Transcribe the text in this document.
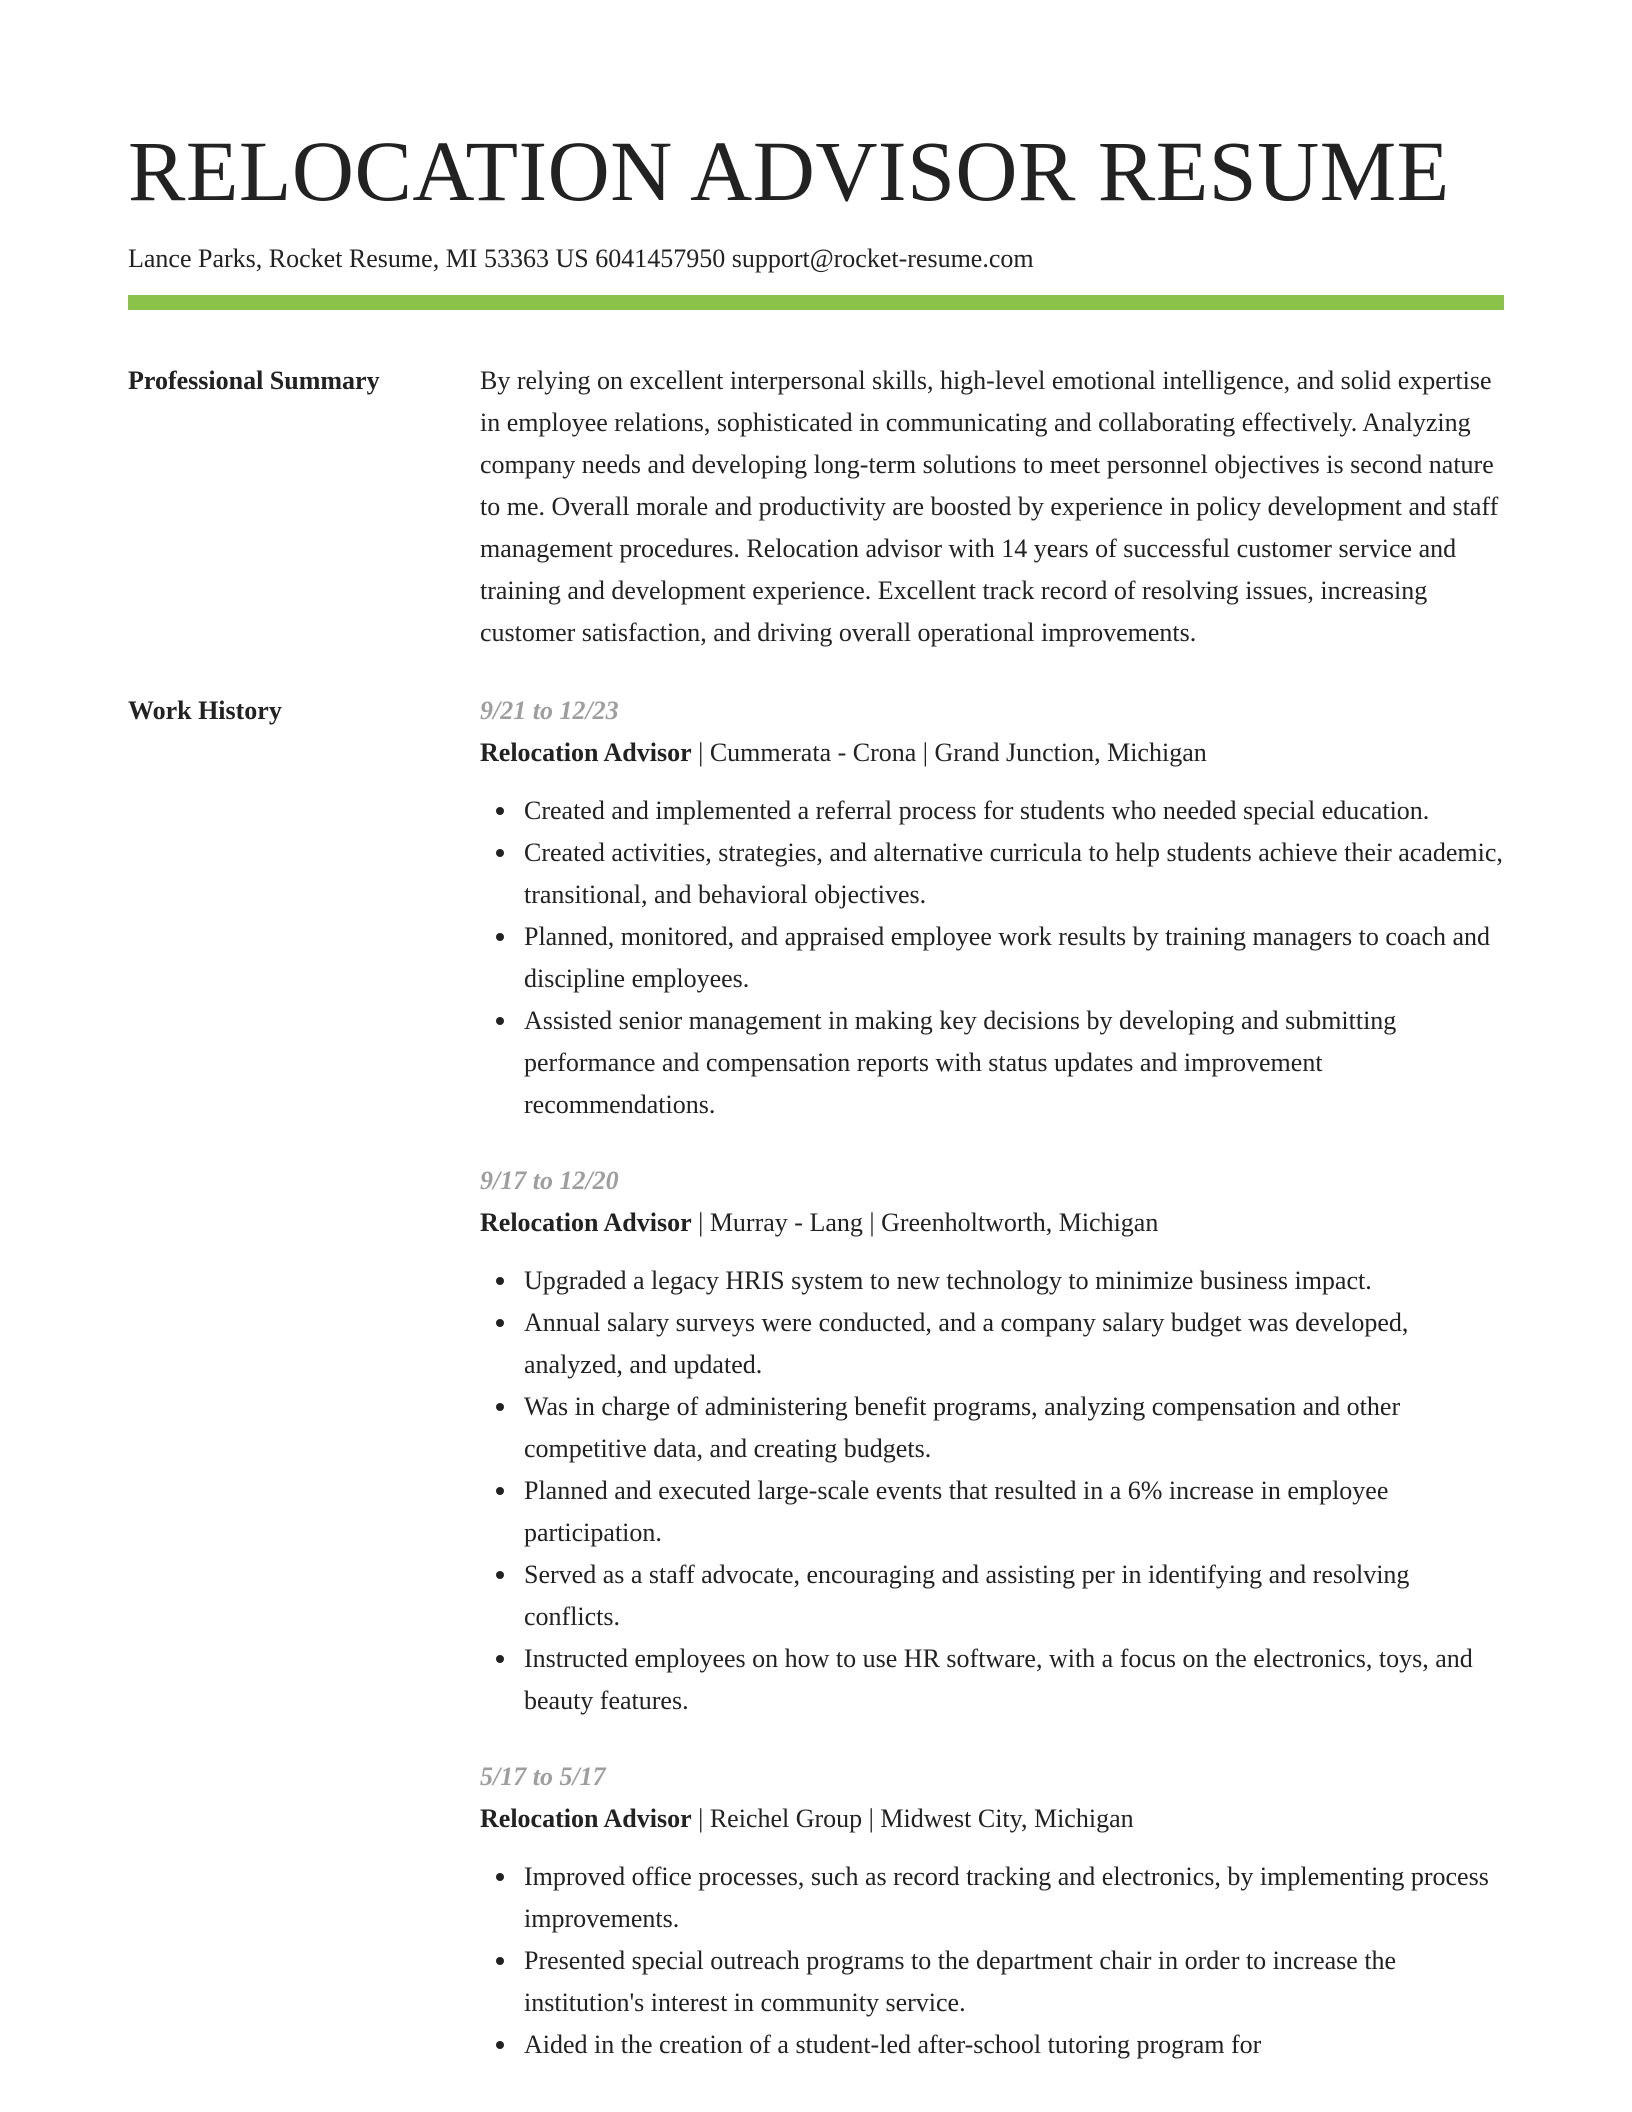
RELOCATION ADVISOR RESUME
Lance Parks, Rocket Resume, MI 53363 US 6041457950 support@rocket-resume.com
Professional Summary	By relying on excellent interpersonal skills, high-level emotional intelligence, and solid expertise in employee relations, sophisticated in communicating and collaborating effectively. Analyzing company needs and developing long-term solutions to meet personnel objectives is second nature to me. Overall morale and productivity are boosted by experience in policy development and staff management procedures. Relocation advisor with 14 years of successful customer service and training and development experience. Excellent track record of resolving issues, increasing customer satisfaction, and driving overall operational improvements.

Work History	9/21 to 12/23
Relocation Advisor | Cummerata - Crona | Grand Junction, Michigan
Created and implemented a referral process for students who needed special education.
Created activities, strategies, and alternative curricula to help students achieve their academic, transitional, and behavioral objectives.
Planned, monitored, and appraised employee work results by training managers to coach and discipline employees.
Assisted senior management in making key decisions by developing and submitting performance and compensation reports with status updates and improvement recommendations.
9/17 to 12/20
Relocation Advisor | Murray - Lang | Greenholtworth, Michigan
Upgraded a legacy HRIS system to new technology to minimize business impact.
Annual salary surveys were conducted, and a company salary budget was developed, analyzed, and updated.
Was in charge of administering benefit programs, analyzing compensation and other competitive data, and creating budgets.
Planned and executed large-scale events that resulted in a 6% increase in employee participation.
Served as a staff advocate, encouraging and assisting per in identifying and resolving conflicts.
Instructed employees on how to use HR software, with a focus on the electronics, toys, and beauty features.
5/17 to 5/17
Relocation Advisor | Reichel Group | Midwest City, Michigan
Improved office processes, such as record tracking and electronics, by implementing process improvements.
Presented special outreach programs to the department chair in order to increase the institution's interest in community service.
Aided in the creation of a student-led after-school tutoring program for
